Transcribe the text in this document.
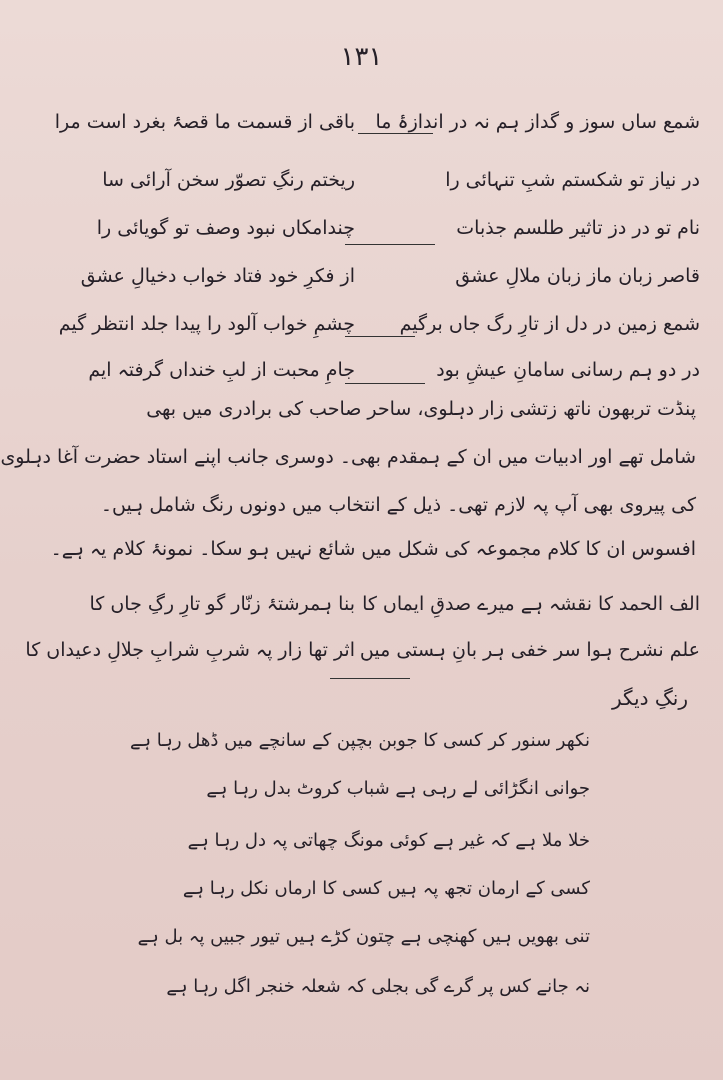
۱۳۱
شمع ساں سوز و گداز ہم نہ در اندازۂ ما
باقی از قسمت ما قصۂ بغرد است مرا
در نیاز تو شکستم شبِ تنہائی را
ریختم رنگِ تصوّر سخن آرائی سا
نام تو در دز تاثیر طلسم جذبات
چندامکاں نبود وصف تو گویائی را
قاصر زبان ماز زبان ملالِ عشق
از فکرِ خود فتاد خواب دخیالِ عشق
شمع زمین در دل از تارِ رگ جاں برگیم
چشمِ خواب آلود را پیدا جلد انتظر گیم
در دو ہم رسانی سامانِ عیشِ بود
جامِ محبت از لبِ خنداں گرفتہ ایم
پنڈت تربھون ناتھ زتشی زار دہلوی، ساحر صاحب کی برادری میں بھی
شامل تھے اور ادبیات میں ان کے ہمقدم بھی۔ دوسری جانب اپنے استاد حضرت آغا دہلوی
کی پیروی بھی آپ پہ لازم تھی۔ ذیل کے انتخاب میں دونوں رنگ شامل ہیں۔
افسوس ان کا کلام مجموعہ کی شکل میں شائع نہیں ہو سکا۔ نمونۂ کلام یہ ہے۔
الف الحمد کا نقشہ ہے میرے صدقِ ایماں کا
بنا ہمرشتۂ زنّار گو تارِ رگِ جاں کا
علم نشرح ہوا سر خفی ہر بانِ ہستی میں
اثر تھا زار پہ شربِ شرابِ جلالِ دعیداں کا
رنگِ دیگر
نکھر سنور کر کسی کا جوبن بچپن کے سانچے میں ڈھل رہا ہے
جوانی انگڑائی لے رہی ہے شباب کروٹ بدل رہا ہے
خلا ملا ہے کہ غیر ہے کوئی مونگ چھاتی پہ دل رہا ہے
کسی کے ارمان تجھ پہ ہیں کسی کا ارماں نکل رہا ہے
تنی بھویں ہیں کھنچی ہے چتون کڑے ہیں تیور جبیں پہ بل ہے
نہ جانے کس پر گرے گی بجلی کہ شعلہ خنجر اگل رہا ہے
